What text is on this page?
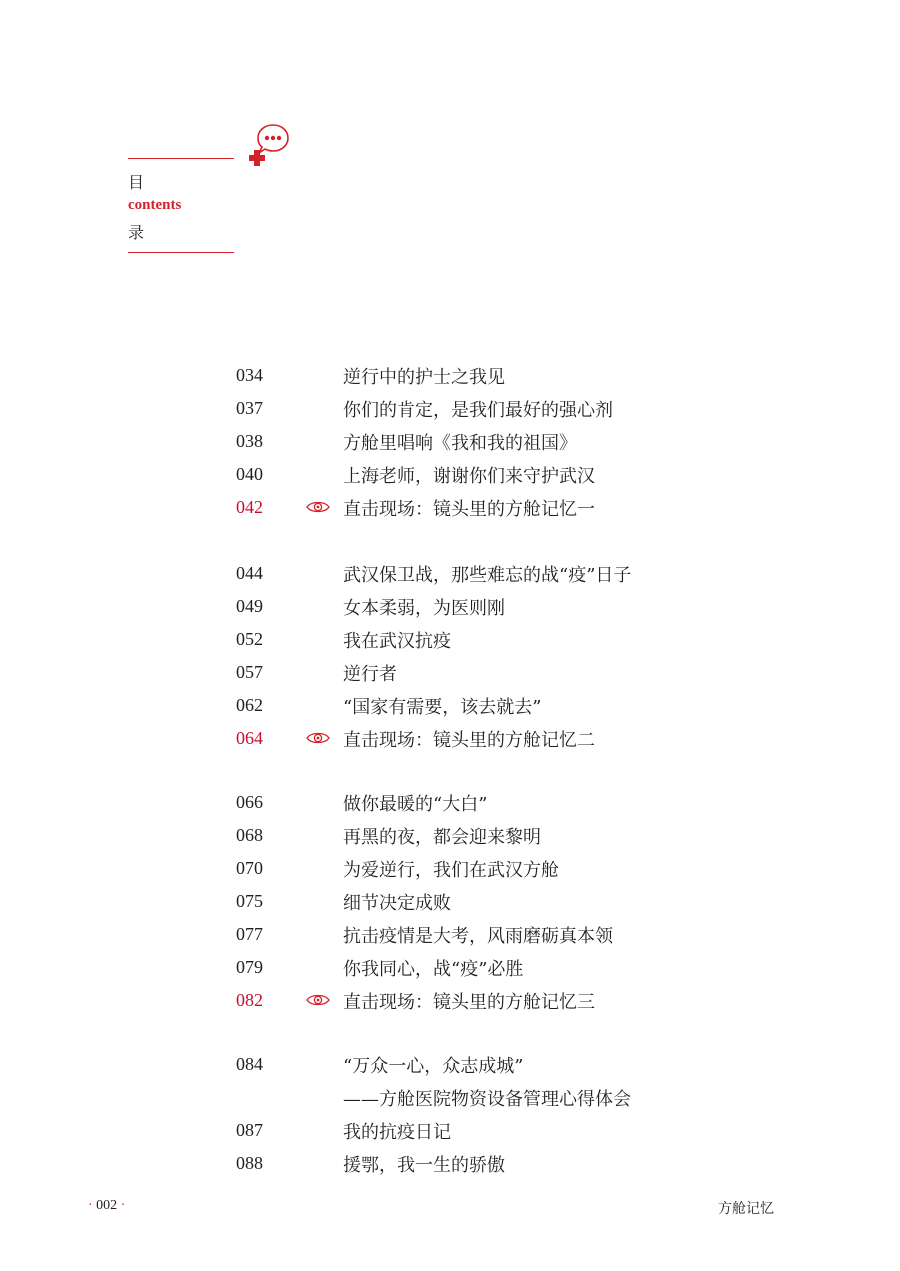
目
contents
录
034	逆行中的护士之我见
037	你们的肯定，是我们最好的强心剂
038	方舱里唱响《我和我的祖国》
040	上海老师，谢谢你们来守护武汉
042	直击现场：镜头里的方舱记忆一
044	武汉保卫战，那些难忘的战“疫”日子
049	女本柔弱，为医则刚
052	我在武汉抗疫
057	逆行者
062	“国家有需要，该去就去”
064	直击现场：镜头里的方舱记忆二
066	做你最暖的“大白”
068	再黑的夜，都会迎来黎明
070	为爱逆行，我们在武汉方舱
075	细节决定成败
077	抗击疫情是大考，风雨磨砺真本领
079	你我同心，战“疫”必胜
082	直击现场：镜头里的方舱记忆三
084	“万众一心，众志成城”
——方舱医院物资设备管理心得体会
087	我的抗疫日记
088	援鄂，我一生的骄傲
· 002 ·	方舱记忆
